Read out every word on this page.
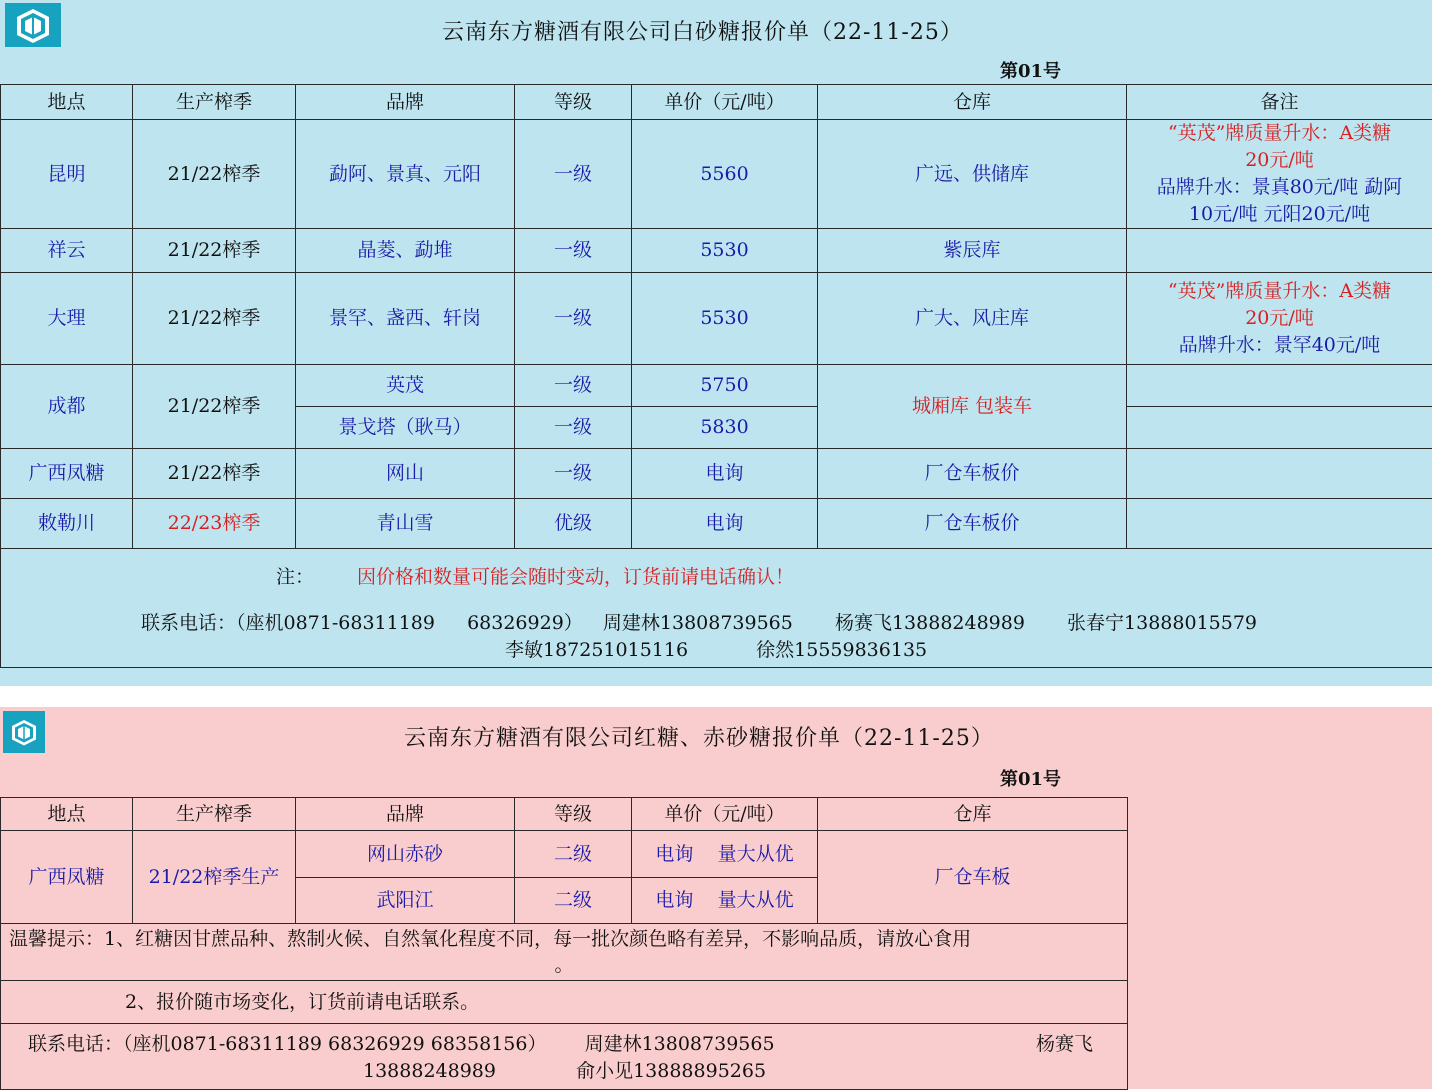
云南东方糖酒有限公司白砂糖报价单（22-11-25）
第01号
地点	生产榨季	品牌	等级	单价（元/吨）	仓库	备注
昆明	21/22榨季	勐阿、景真、元阳	一级	5560	广远、供储库	“英茂”牌质量升水：A类糖
20元/吨
品牌升水：景真80元/吨 勐阿
10元/吨 元阳20元/吨

祥云	21/22榨季	晶菱、勐堆	一级	5530	紫辰库	
大理	21/22榨季	景罕、盏西、轩岗	一级	5530	广大、风庄库	“英茂”牌质量升水：A类糖
20元/吨
品牌升水：景罕40元/吨

成都	21/22榨季	英茂	一级	5750	城厢库 包装车	
		景戈塔（耿马）	一级	5830		
广西凤糖	21/22榨季	网山	一级	电询	厂仓车板价	
敕勒川	22/23榨季	青山雪	优级	电询	厂仓车板价	

注： 因价格和数量可能会随时变动，订货前请电话确认！
联系电话：（座机0871-68311189 68326929） 周建林13808739565 杨赛飞13888248989 张春宁13888015579
李敏187251015116	徐然15559836135
云南东方糖酒有限公司红糖、赤砂糖报价单（22-11-25）
第01号
地点	生产榨季	品牌	等级	单价（元/吨）	仓库
广西凤糖	21/22榨季生产	网山赤砂	二级	电询    量大从优	厂仓车板
		武阳江	二级	电询    量大从优	

温馨提示：1、红糖因甘蔗品种、熬制火候、自然氧化程度不同，每一批次颜色略有差异，不影响品质，请放心食用
。					

2、报价随市场变化，订货前请电话联系。					

联系电话：（座机0871-68311189 68326929 68358156） 周建林13808739565	杨赛飞
13888248989	俞小见13888895265
